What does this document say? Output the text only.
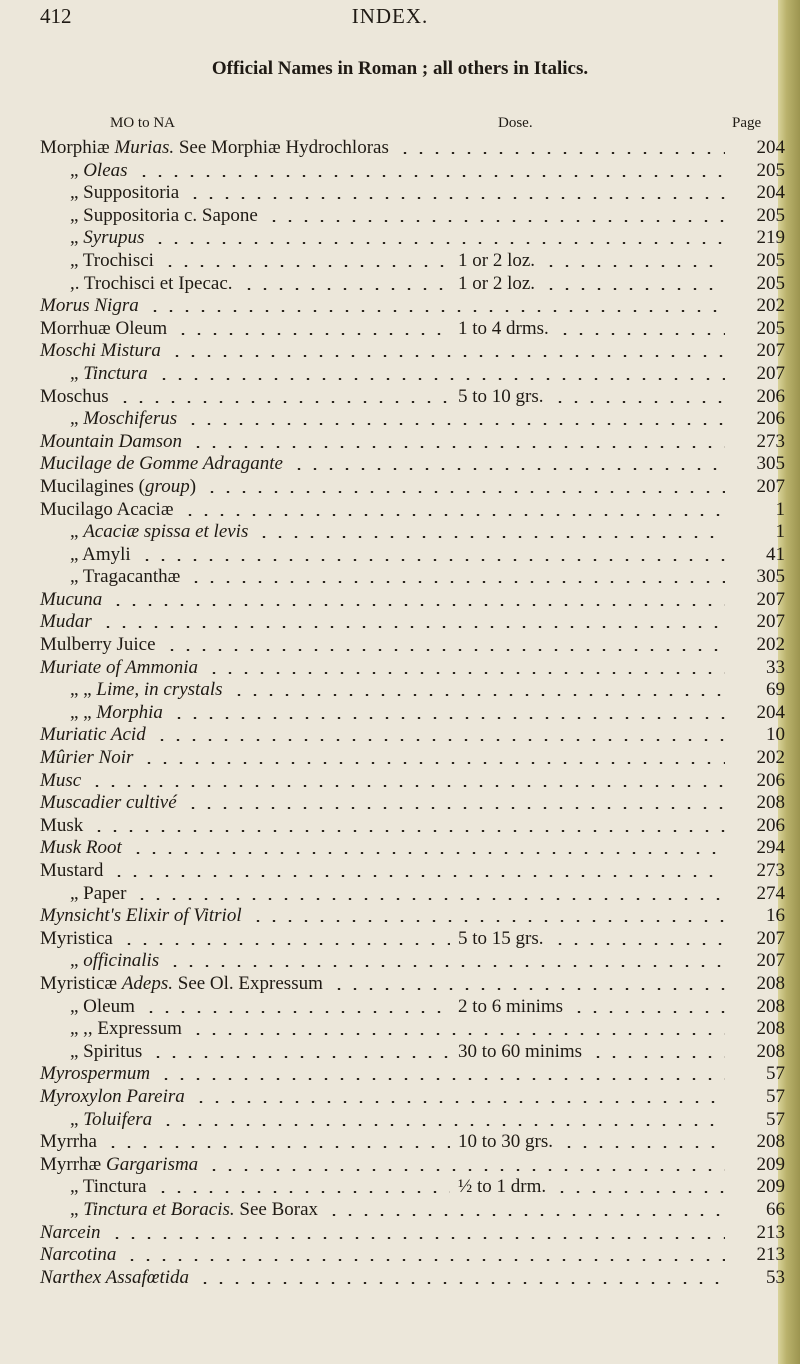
412	INDEX.
Official Names in Roman ; all others in Italics.
MO to NA	Dose.	Page
Morphiæ Murias. See Morphiæ Hydrochloras	204
„ Oleas	205
„ Suppositoria	204
„ Suppositoria c. Sapone	205
„ Syrupus	219
„ Trochisci	1 or 2 loz.	205
,. Trochisci et Ipecac.	1 or 2 loz.	205
Morus Nigra	202
Morrhuæ Oleum	1 to 4 drms.	205
Moschi Mistura	207
„ Tinctura	207
Moschus	5 to 10 grs.	206
„ Moschiferus	206
Mountain Damson	273
Mucilage de Gomme Adragante	305
Mucilagines (group)	207
Mucilago Acaciæ	1
„ Acaciæ spissa et levis	1
„ Amyli	41
„ Tragacanthæ	305
Mucuna	207
Mudar	207
Mulberry Juice	202
Muriate of Ammonia	33
„ „ Lime, in crystals	69
„ „ Morphia	204
Muriatic Acid	10
Mûrier Noir	202
Musc	206
Muscadier cultivé	208
Musk	206
Musk Root	294
Mustard	273
„ Paper	274
Mynsicht's Elixir of Vitriol	16
Myristica	5 to 15 grs.	207
„ officinalis	207
Myristicæ Adeps. See Ol. Expressum	208
„ Oleum	2 to 6 minims	208
„ ,, Expressum	208
„ Spiritus	30 to 60 minims	208
Myrospermum	57
Myroxylon Pareira	57
„ Toluifera	57
Myrrha	10 to 30 grs.	208
Myrrhæ Gargarisma	209
„ Tinctura	½ to 1 drm.	209
„ Tinctura et Boracis. See Borax	66
Narcein	213
Narcotina	213
Narthex Assafœtida	53
